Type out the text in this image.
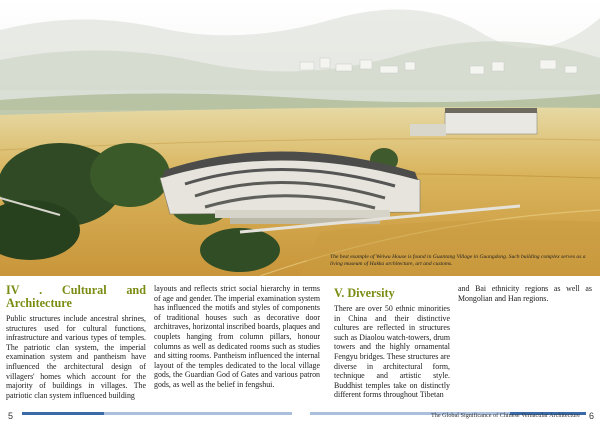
The best example of Weiwu House is found in Guantang Village in Guangdong. Such building complex serves as a living museum of Hakka architecture, art and customs.
IV . Cultural and Architecture

Public structures include ancestral shrines, structures used for cultural functions, infrastructure and various types of temples. The patriotic clan system, the imperial examination system and pantheism have influenced the architectural design of villagers' homes which account for the majority of buildings in villages. The patriotic clan system influenced building

layouts and reflects strict social hierarchy in terms of age and gender. The imperial examination system has influenced the motifs and styles of components of traditional houses such as decorative door architraves, horizontal inscribed boards, plaques and couplets hanging from column pillars, honour columns as well as dedicated rooms such as studies and sitting rooms. Pantheism influenced the internal layout of the temples dedicated to the local village gods, the Guardian God of Gates and various patron gods, as well as the belief in fengshui.

V. Diversity

There are over 50 ethnic minorities in China and their distinctive cultures are reflected in structures such as Diaolou watch-towers, drum towers and the highly ornamental Fengyu bridges. These structures are diverse in architectural form, technique and artistic style. Buddhist temples take on distinctly different forms throughout Tibetan

and Bai ethnicity regions as well as Mongolian and Han regions.

5	The Global Significance of Chinese Vernacular Architecture 6
